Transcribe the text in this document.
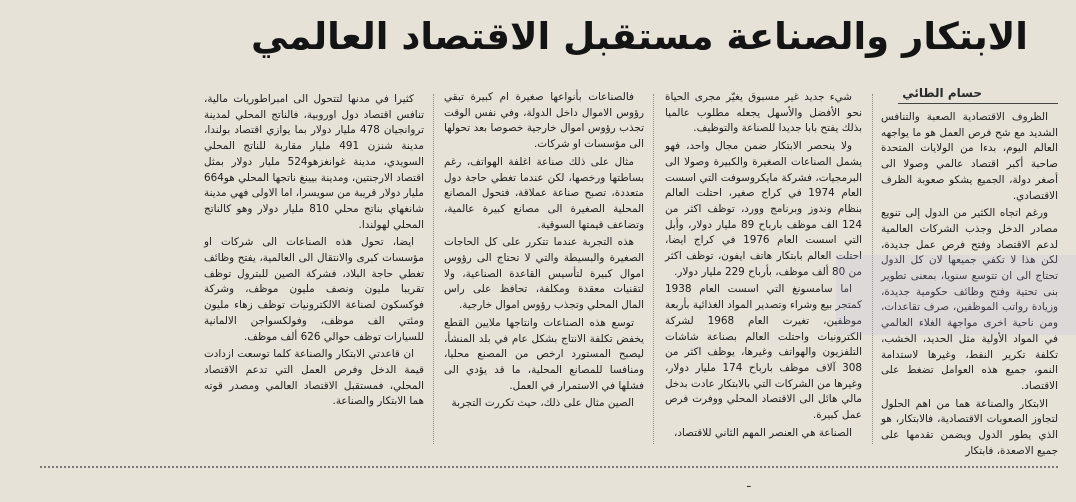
الابتكار والصناعة مستقبل الاقتصاد العالمي
حسام الطائي

الظروف الاقتصادية الصعبة والتنافس الشديد مع شح فرص العمل هو ما يواجهه العالم اليوم، بدءا من الولايات المتحدة صاحبة أكبر اقتصاد عالمي وصولا الى أصغر دولة، الجميع يشكو صعوبة الظرف الاقتصادي.

ورغم اتجاه الكثير من الدول إلى تنويع مصادر الدخل وجذب الشركات العالمية لدعم الاقتصاد وفتح فرص عمل جديدة، لكن هذا لا تكفي جميعها لان كل الدول تحتاج الى ان تتوسع سنويا، بمعنى تطوير بنى تحتية وفتح وظائف حكومية جديدة، وزيادة رواتب الموظفين، صرف تقاعدات، ومن ناحية اخرى مواجهة الغلاء العالمي في المواد الأولية مثل الحديد، الخشب، تكلفة تكرير النفط، وغيرها لاستدامة النمو، جميع هذه العوامل تضغط على الاقتصاد.

الابتكار والصناعة هما من اهم الحلول لتجاوز الصعوبات الاقتصادية، فالابتكار، هو الذي يطور الدول ويضمن تقدمها على جميع الاصعدة، فابتكار

شيء جديد غير مسبوق يغيّر مجرى الحياة نحو الأفضل والأسهل يجعله مطلوب عالميا بذلك يفتح بابا جديدا للصناعة والتوظيف.

ولا ينحصر الابتكار ضمن مجال واحد، فهو يشمل الصناعات الصغيرة والكبيرة وصولا الى البرمجيات، فشركة مايكروسوفت التي اسست العام 1974 في كراج صغير، احتلت العالم بنظام وندوز وبرنامج وورد، توظف اكثر من 124 الف موظف بارباح 89 مليار دولار، وأبل التي اسست العام 1976 في كراج ايضا، احتلت العالم بابتكار هاتف ايفون، توظف اكثر من 80 ألف موظف، بأرباح 229 مليار دولار.

اما سامسونغ التي اسست العام 1938 كمتجر بيع وشراء وتصدير المواد الغذائية بأربعة موظفين، تغيرت العام 1968 لشركة الكترونيات واحتلت العالم بصناعة شاشات التلفزيون والهواتف وغيرها، يوظف اكثر من 308 آلاف موظف بارباح 174 مليار دولار، وغيرها من الشركات التي بالابتكار عادت بدخل مالي هائل الى الاقتصاد المحلي ووفرت فرص عمل كبيرة.

الصناعة هي العنصر المهم الثاني للاقتصاد،

فالصناعات بأنواعها صغيرة ام كبيرة تبقي رؤوس الاموال داخل الدولة، وفي نفس الوقت تجذب رؤوس اموال خارجية خصوصا بعد تحولها الى مؤسسات او شركات.

مثال على ذلك صناعة اغلفة الهواتف، رغم بساطتها ورخصها، لكن عندما تغطي حاجة دول متعددة، تصبح صناعة عملاقة، فتحول المصانع المحلية الصغيرة الى مصانع كبيرة عالمية، وتضاعف قيمتها السوقية.

هذه التجربة عندما تتكرر على كل الحاجات الصغيرة والبسيطة والتي لا تحتاج الى رؤوس اموال كبيرة لتأسيس القاعدة الصناعية، ولا لتقنيات معقدة ومكلفة، تحافظ على راس المال المحلي وتجذب رؤوس اموال خارجية.

توسع هذه الصناعات وانتاجها ملايين القطع يخفض تكلفة الانتاج بشكل عام في بلد المنشأ، ليصبح المستورد ارخص من المصنع محليا، ومنافسا للمصانع المحلية، ما قد يؤدي الى فشلها في الاستمرار في العمل.

الصين مثال على ذلك، حيث تكررت التجربة

كثيرا في مدنها لتتحول الى امبراطوريات مالية، تنافس اقتصاد دول اوروبية، فالناتج المحلي لمدينة تروانجيان 478 مليار دولار بما يوازي اقتصاد بولندا، مدينة شنزن 491 مليار مقاربة للناتج المحلي السويدي، مدينة غوانغزهو524 مليار دولار بمثل اقتصاد الارجنتين، ومدينة بيينغ ناتجها المحلي هو664 مليار دولار قريبة من سويسرا، اما الاولى فهي مدينة شانغهاي بناتج محلي 810 مليار دولار وهو كالناتج المحلي لهولندا.

ايضا، تحول هذه الصناعات الى شركات او مؤسسات كبرى والانتقال الى العالمية، يفتح وظائف تغطي حاجة البلاد، فشركة الصين للبترول توظف تقريبا مليون ونصف مليون موظف، وشركة فوكسكون لصناعة الالكترونيات توظف زهاء مليون ومئتي الف موظف، وفولكسواجن الالمانية للسيارات توظف حوالي 626 ألف موظف.

ان قاعدتي الابتكار والصناعة كلما توسعت ازدادت قيمة الدخل وفرص العمل التي تدعم الاقتصاد المحلي، فمستقبل الاقتصاد العالمي ومصدر قوته هما الابتكار والصناعة.

ـ
